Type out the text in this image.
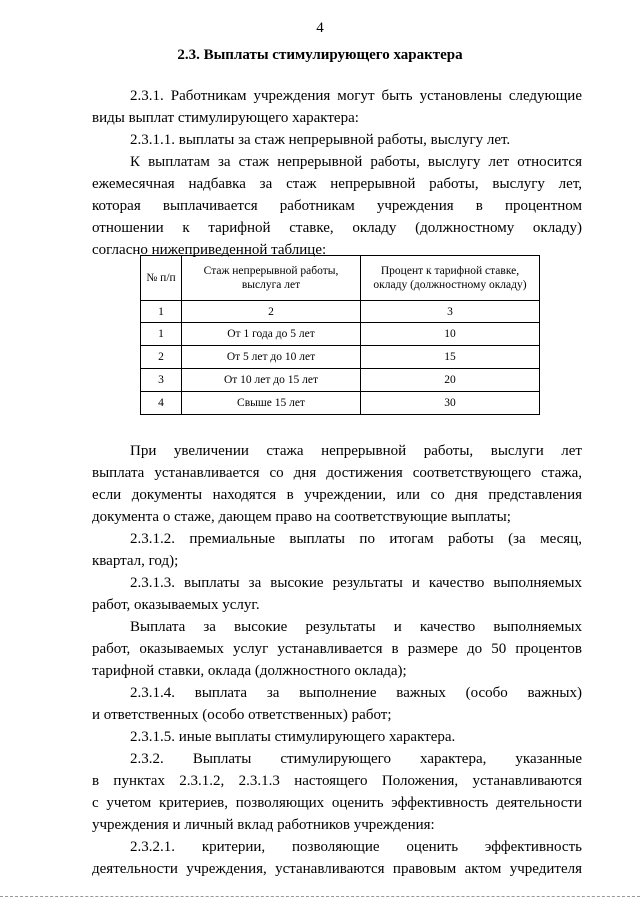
4
2.3. Выплаты стимулирующего характера
2.3.1. Работникам учреждения могут быть установлены следующие
виды выплат стимулирующего характера:
2.3.1.1. выплаты за стаж непрерывной работы, выслугу лет.
К выплатам за стаж непрерывной работы, выслугу лет относится
ежемесячная надбавка за стаж непрерывной работы, выслугу лет,
которая выплачивается работникам учреждения в процентном
отношении к тарифной ставке, окладу (должностному окладу)
согласно нижеприведенной таблице:
№ п/п	Стаж непрерывной работы, выслуга лет	Процент к тарифной ставке, окладу (должностному окладу)
1	2	3
1	От 1 года до 5 лет	10
2	От 5 лет до 10 лет	15
3	От 10 лет до 15 лет	20
4	Свыше 15 лет	30
При увеличении стажа непрерывной работы, выслуги лет
выплата устанавливается со дня достижения соответствующего стажа,
если документы находятся в учреждении, или со дня представления
документа о стаже, дающем право на соответствующие выплаты;
2.3.1.2. премиальные выплаты по итогам работы (за месяц,
квартал, год);
2.3.1.3. выплаты за высокие результаты и качество выполняемых
работ, оказываемых услуг.
Выплата за высокие результаты и качество выполняемых
работ, оказываемых услуг устанавливается в размере до 50 процентов
тарифной ставки, оклада (должностного оклада);
2.3.1.4. выплата за выполнение важных (особо важных)
и ответственных (особо ответственных) работ;
2.3.1.5. иные выплаты стимулирующего характера.
2.3.2. Выплаты стимулирующего характера, указанные
в пунктах 2.3.1.2, 2.3.1.3 настоящего Положения, устанавливаются
с учетом критериев, позволяющих оценить эффективность деятельности
учреждения и личный вклад работников учреждения:
2.3.2.1. критерии, позволяющие оценить эффективность
деятельности учреждения, устанавливаются правовым актом учредителя
